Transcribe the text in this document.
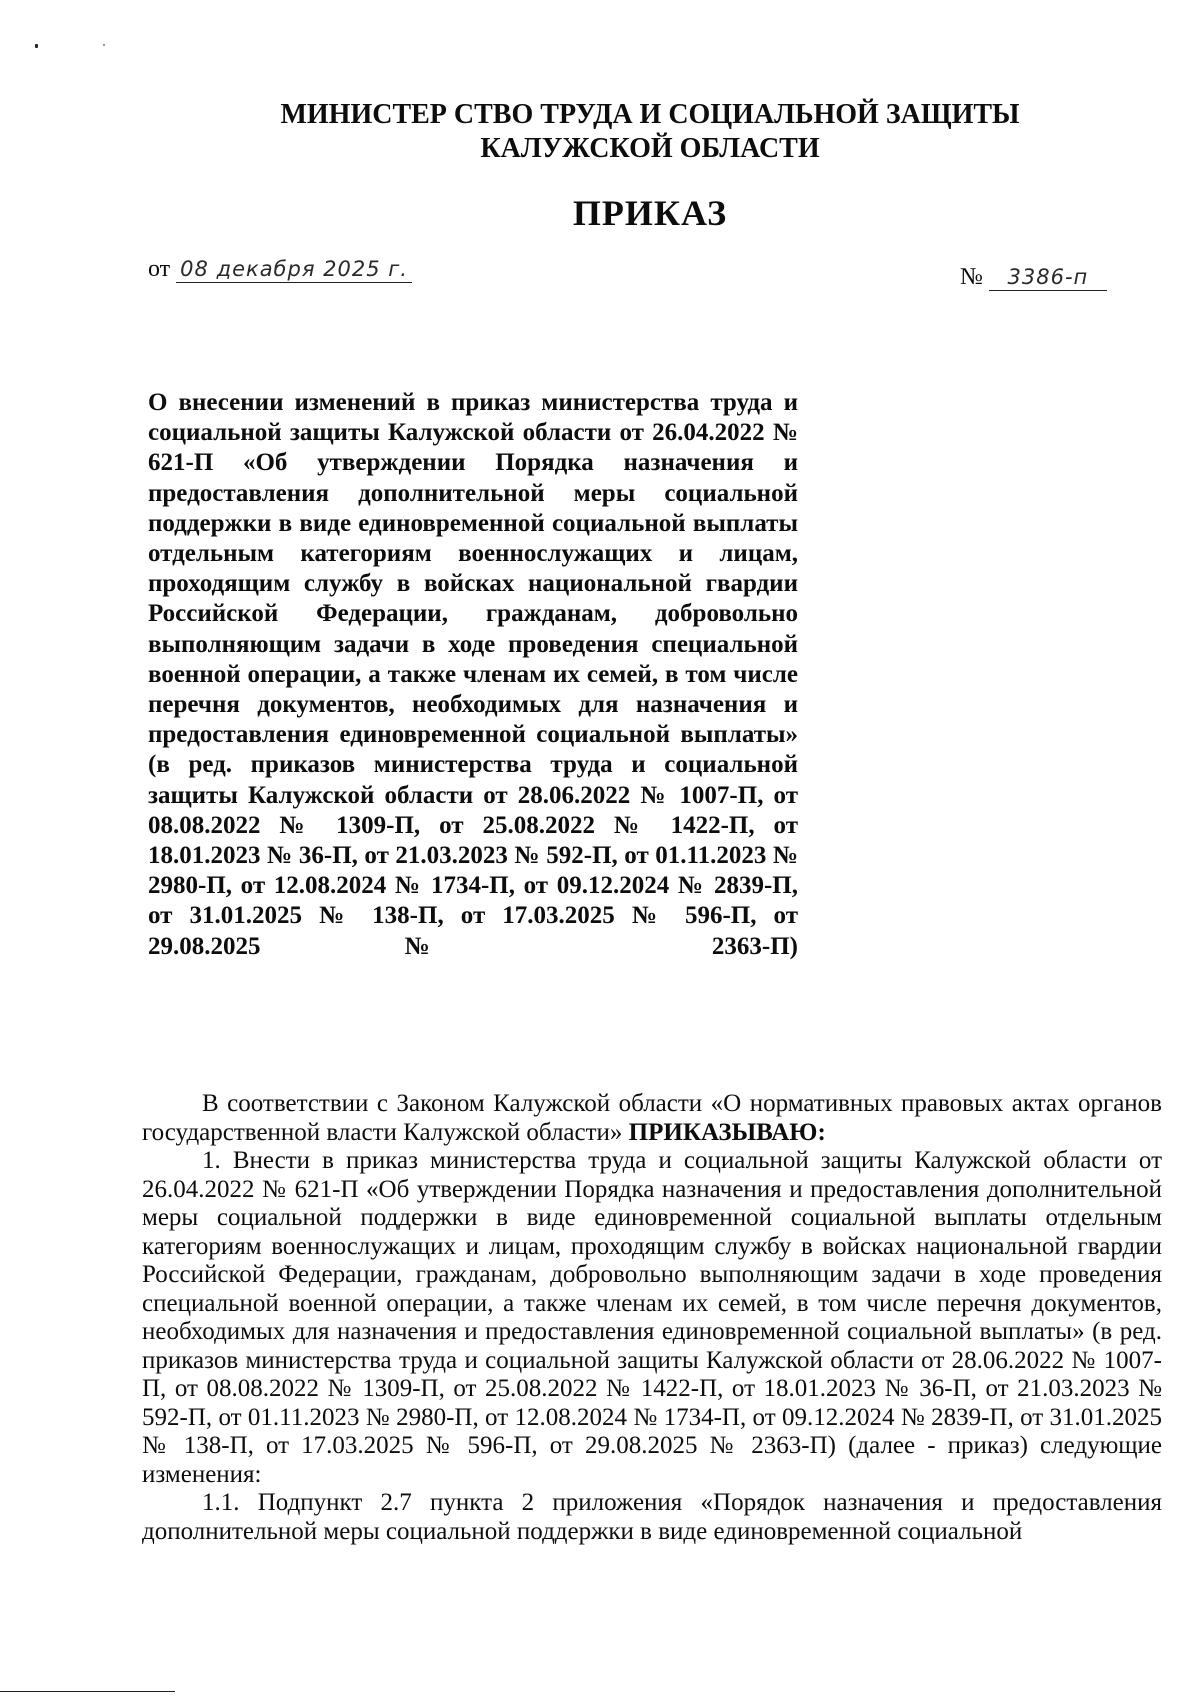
МИНИСТЕР СТВО ТРУДА И СОЦИАЛЬНОЙ ЗАЩИТЫ
КАЛУЖСКОЙ ОБЛАСТИ
ПРИКАЗ
от 08 декабря 2025 г.	№ 3386-п
О внесении изменений в приказ министерства труда и социальной защиты Калужской области от 26.04.2022 № 621-П «Об утверждении Порядка назначения и предоставления дополнительной меры социальной поддержки в виде единовременной социальной выплаты отдельным категориям военнослужащих и лицам, проходящим службу в войсках национальной гвардии Российской Федерации, гражданам, добровольно выполняющим задачи в ходе проведения специальной военной операции, а также членам их семей, в том числе перечня документов, необходимых для назначения и предоставления единовременной социальной выплаты» (в ред. приказов министерства труда и социальной защиты Калужской области от 28.06.2022 № 1007-П, от 08.08.2022 № 1309-П, от 25.08.2022 № 1422-П, от 18.01.2023 № 36-П, от 21.03.2023 № 592-П, от 01.11.2023 № 2980-П, от 12.08.2024 № 1734-П, от 09.12.2024 № 2839-П, от 31.01.2025 № 138-П, от 17.03.2025 № 596-П, от 29.08.2025 № 2363-П)

В соответствии с Законом Калужской области «О нормативных правовых актах органов государственной власти Калужской области» ПРИКАЗЫВАЮ:

1. Внести в приказ министерства труда и социальной защиты Калужской области от 26.04.2022 № 621-П «Об утверждении Порядка назначения и предоставления дополнительной меры социальной поддержки в виде единовременной социальной выплаты отдельным категориям военнослужащих и лицам, проходящим службу в войсках национальной гвардии Российской Федерации, гражданам, добровольно выполняющим задачи в ходе проведения специальной военной операции, а также членам их семей, в том числе перечня документов, необходимых для назначения и предоставления единовременной социальной выплаты» (в ред. приказов министерства труда и социальной защиты Калужской области от 28.06.2022 № 1007-П, от 08.08.2022 № 1309-П, от 25.08.2022 № 1422-П, от 18.01.2023 № 36-П, от 21.03.2023 № 592-П, от 01.11.2023 № 2980-П, от 12.08.2024 № 1734-П, от 09.12.2024 № 2839-П, от 31.01.2025 № 138-П, от 17.03.2025 № 596-П, от 29.08.2025 № 2363-П) (далее - приказ) следующие изменения:

1.1. Подпункт 2.7 пункта 2 приложения «Порядок назначения и предоставления дополнительной меры социальной поддержки в виде единовременной социальной
